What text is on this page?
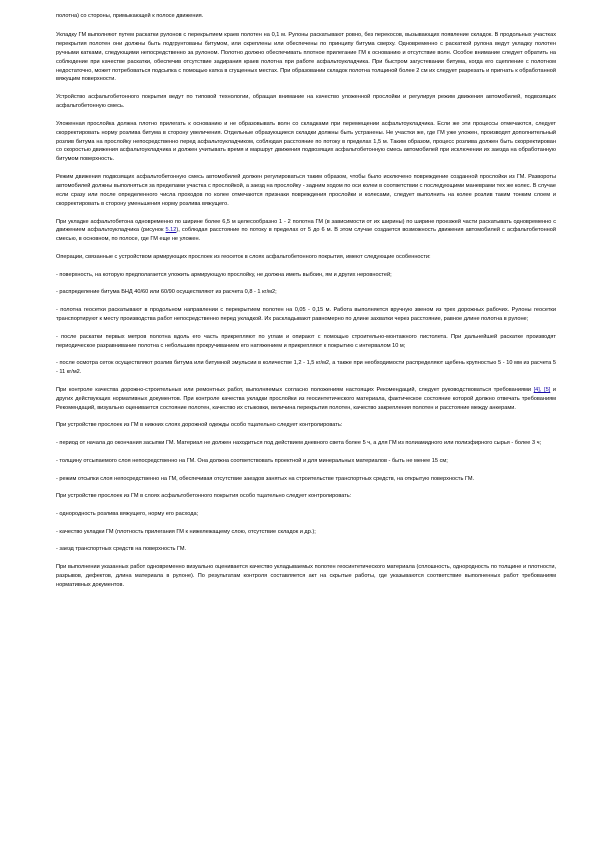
полотна) со стороны, примыкающей к полосе движения.

Укладку ГМ выполняют путем раскатки рулонов с перекрытием краев полотен на 0,1 м. Рулоны раскатывают ровно, без перекосов, вызывающих появление складок. В продольных участках перекрытия полотен они должны быть подгрунтованы битумом, или скреплены или обеспечены по принципу битума сверху. Одновременно с раскаткой рулона ведут укладку полотен ручными катками, следующими непосредственно за рулоном. Полотно должно обеспечивать плотное прилегание ГМ к основанию и отсутствие волн. Особое внимание следует обратить на соблюдение при качестве раскатки, обеспечив отсутствие задирания краев полотна при работе асфальтоукладчика. При быстром загустевании битума, когда его сцепление с полотном недостаточно, может потребоваться подсыпка с помощью катка в сгущенных местах. При образовании складок полотна толщиной более 2 см их следует разрезать и пригнать к обработанной вяжущим поверхности.

Устройство асфальтобетонного покрытия ведут по типовой технологии, обращая внимание на качество уложенной прослойки и регулируя режим движения автомобилей, подвозящих асфальтобетонную смесь.

Уложенная прослойка должна плотно прилегать к основанию и не образовывать волн со складками при перемещении асфальтоукладчика. Если же эти процессы отмечаются, следует скорректировать норму розлива битума в сторону увеличения. Отдельные образующиеся складки должны быть устранены. Не участки же, где ГМ уже уложен, производят дополнительный розлив битума на прослойку непосредственно перед асфальтоукладчиком, соблюдая расстояние по потоку в пределах 1,5 м. Таким образом, процесс розлива должен быть скорректирован со скоростью движения асфальтоукладчика и должен учитывать время и маршрут движения подвозящих асфальтобетонную смесь автомобилей при исключении их заезда на обработанную битумом поверхность.

Режим движения подвозящих асфальтобетонную смесь автомобилей должен регулироваться таким образом, чтобы было исключено повреждение созданной прослойки из ГМ. Развороты автомобилей должны выполняться за пределами участка с прослойкой, а заезд на прослойку - задним ходом по оси колеи в соответствии с последующими маневрами тех же колес. В случае если сразу или после определенного числа проходов по колее отмечаются признаки повреждения прослойки и колесами, следует выполнить на колее розлив таким тонким слоем и скорректировать в сторону уменьшения норму розлива вяжущего.

При укладке асфальтобетона одновременно по ширине более 6,5 м целесообразно 1 - 2 полотна ГМ (в зависимости от их ширины) по ширине проезжей части раскатывать одновременно с движением асфальтоукладчика (рисунок 5.12), соблюдая расстояние по потоку в пределах от 5 до 6 м. В этом случае создается возможность движения автомобилей с асфальтобетонной смесью, в основном, по полосе, где ГМ еще не уложен.

Операции, связанные с устройством армирующих прослоек из геосеток в слоях асфальтобетонного покрытия, имеют следующие особенности:

- поверхность, на которую предполагается уложить армирующую прослойку, не должна иметь выбоин, ям и других неровностей;

- распределение битума БНД 40/60 или 60/90 осуществляют из расчета 0,8 - 1 кг/м2;

- полотна геосетки раскатывают в продольном направлении с перекрытием полотен на 0,05 - 0,15 м. Работа выполняется вручную звеном из трех дорожных рабочих. Рулоны геосетки транспортируют к месту производства работ непосредственно перед укладкой. Их раскладывают равномерно по длине захватки через расстояние, равное длине полотна в рулоне;

- после раскатки первых метров полотна вдоль его часть прикрепляют по углам и опирают с помощью строительно-монтажного пистолета. При дальнейшей раскатке производят периодическое разравнивание полотна с небольшим прокручиванием его натяжением и прикрепляют к покрытию с интервалом 10 м;

- после осмотра сеток осуществляют розлив битума или битумной эмульсии в количестве 1,2 - 1,5 кг/м2, а также при необходимости распределяют щебень крупностью 5 - 10 мм из расчета 5 - 11 кг/м2.

При контроле качества дорожно-строительных или ремонтных работ, выполняемых согласно положениям настоящих Рекомендаций, следует руководствоваться требованиями [4], [5] и других действующих нормативных документов. При контроле качества укладки прослойки из геосинтетического материала, фактическое состояние которой должно отвечать требованиям Рекомендаций, визуально оценивается состояние полотен, качество их стыковки, величина перекрытия полотен, качество закрепления полотен и расстояние между анкерами.

При устройстве прослоек из ГМ в нижних слоях дорожной одежды особо тщательно следует контролировать:

- период от начала до окончания засыпки ГМ. Материал не должен находиться под действием дневного света более 5 ч, а для ГМ из полиамидного или полиэфирного сырья - более 3 ч;

- толщину отсыпаемого слоя непосредственно на ГМ. Она должна соответствовать проектной и для минеральных материалов - быть не менее 15 см;

- режим отсыпки слоя непосредственно на ГМ, обеспечивая отсутствие заездов занятых на строительстве транспортных средств, на открытую поверхность ГМ.

При устройстве прослоек из ГМ в слоях асфальтобетонного покрытия особо тщательно следует контролировать:

- однородность розлива вяжущего, норму его расхода;

- качество укладки ГМ (плотность прилегания ГМ к нижележащему слою, отсутствие складок и др.);

- заезд транспортных средств на поверхность ГМ.

При выполнении указанных работ одновременно визуально оценивается качество укладываемых полотен геосинтетического материала (сплошность, однородность по толщине и плотности, разрывов, дефектов, длина материала в рулоне). По результатам контроля составляется акт на скрытые работы, где указываются соответствие выполненных работ требованиям нормативных документов.
